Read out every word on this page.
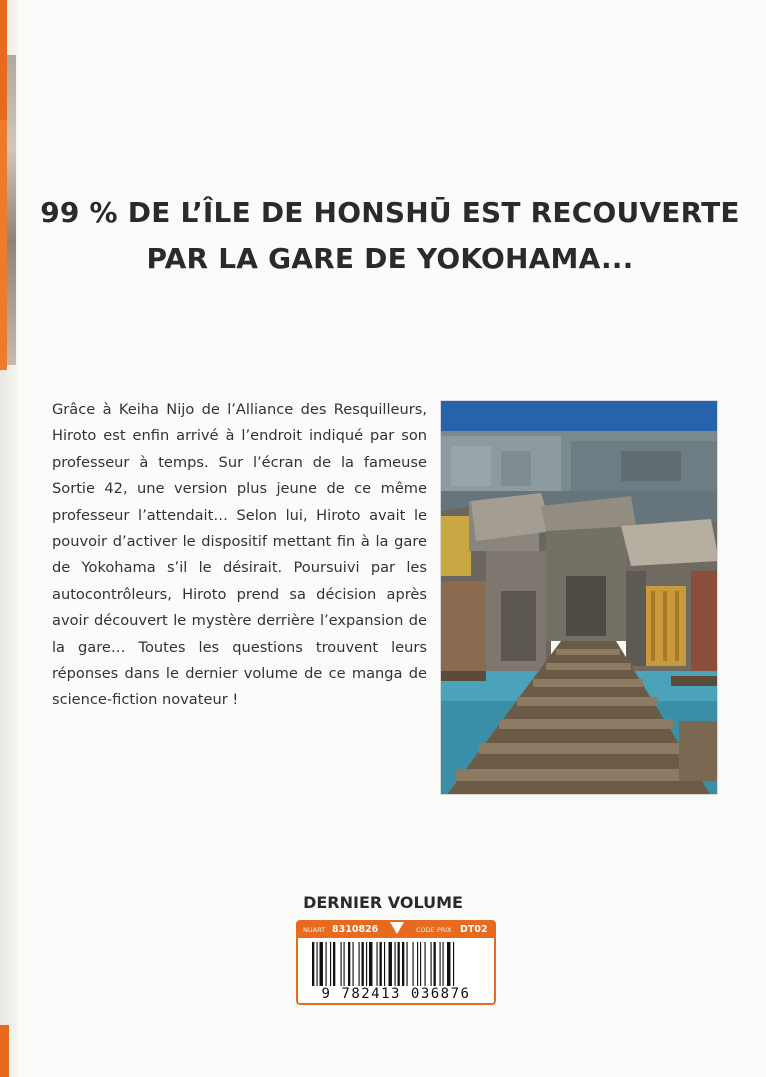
99 % DE L’ÎLE DE HONSHŪ EST RECOUVERTE
PAR LA GARE DE YOKOHAMA...

Grâce à Keiha Nijo de l’Alliance des Resquilleurs, Hiroto est enfin arrivé à l’endroit indiqué par son professeur à temps. Sur l’écran de la fameuse Sortie 42, une version plus jeune de ce même professeur l’attendait… Selon lui, Hiroto avait le pouvoir d’activer le dispositif mettant fin à la gare de Yokohama s’il le désirait. Poursuivi par les autocontrôleurs, Hiroto prend sa décision après avoir découvert le mystère derrière l’expansion de la gare… Toutes les questions trouvent leurs réponses dans le dernier volume de ce manga de science-fiction novateur !

DERNIER VOLUME
NUART 8310826	CODE PRIX DT02
9 782413 036876
